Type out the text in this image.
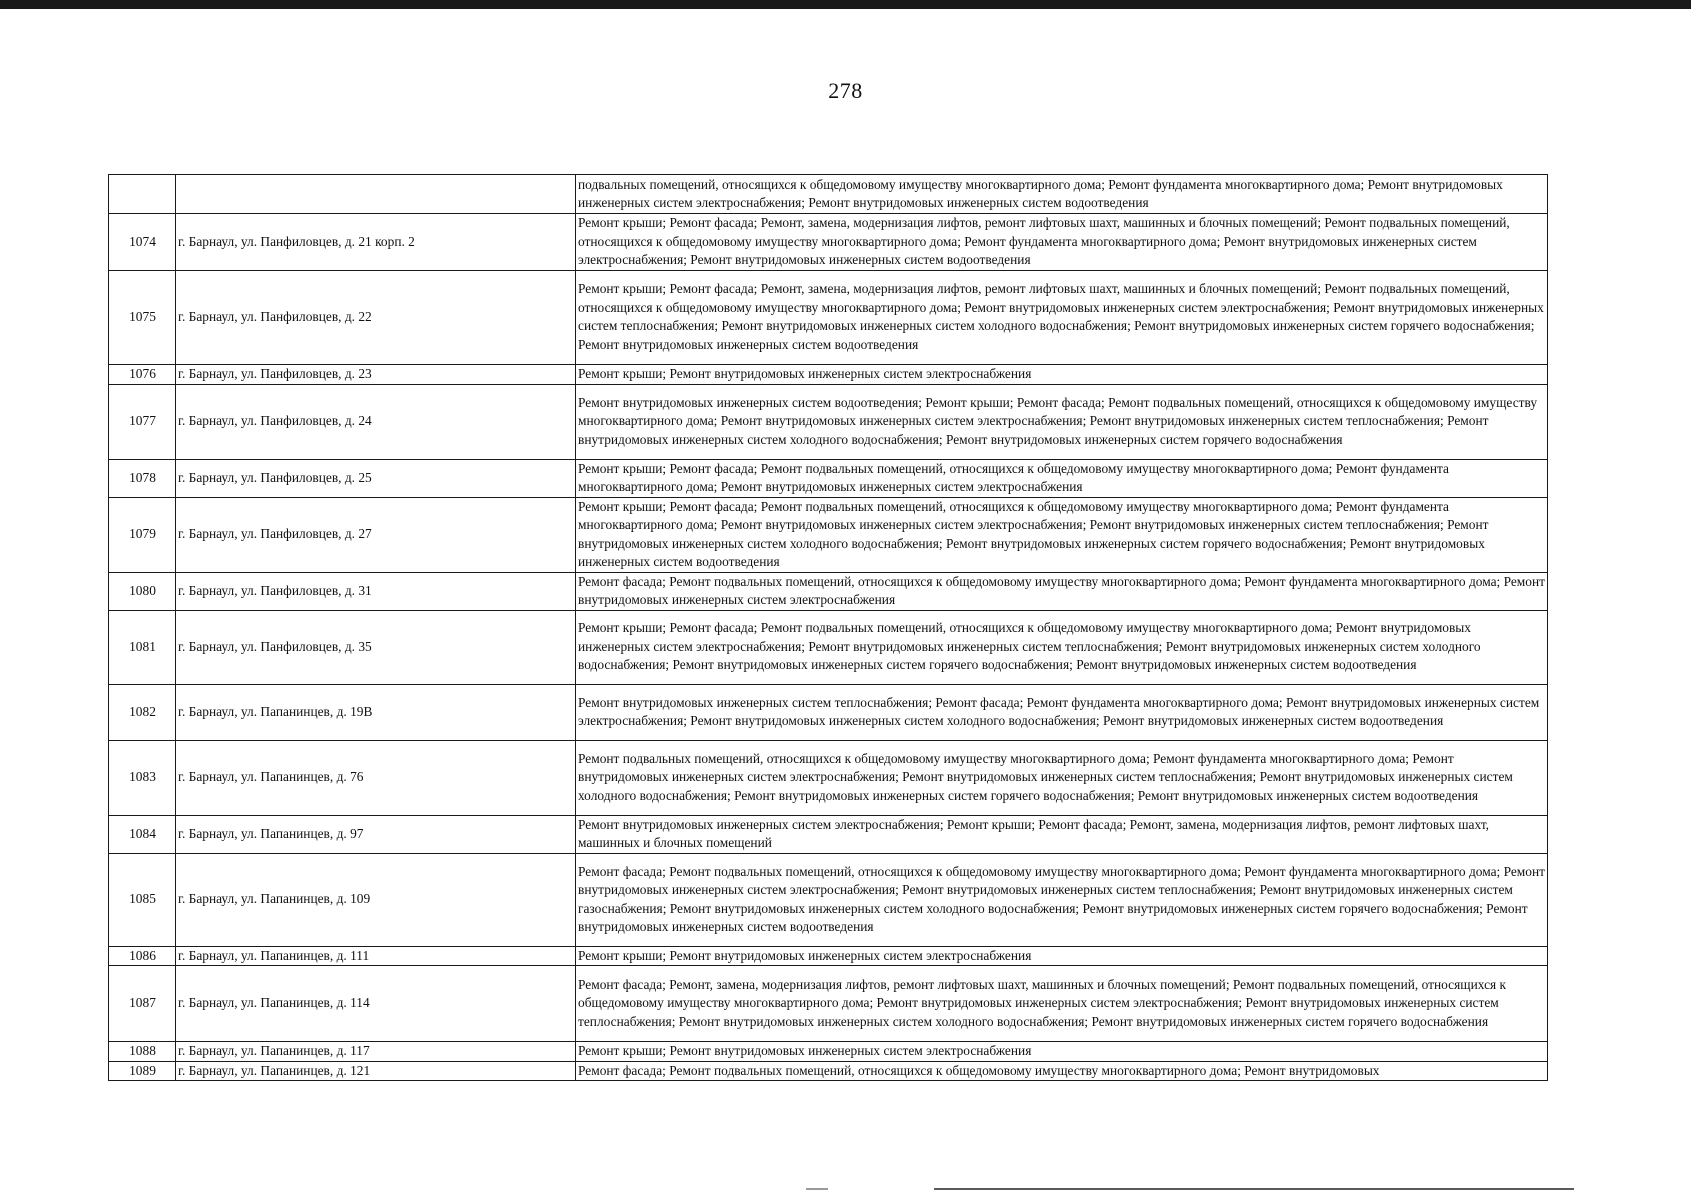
278
		подвальных помещений, относящихся к общедомовому имуществу многоквартирного дома; Ремонт фундамента многоквартирного дома; Ремонт внутридомовых инженерных систем электроснабжения; Ремонт внутридомовых инженерных систем водоотведения
1074	г. Барнаул, ул. Панфиловцев, д. 21 корп. 2	Ремонт крыши; Ремонт фасада; Ремонт, замена, модернизация лифтов, ремонт лифтовых шахт, машинных и блочных помещений; Ремонт подвальных помещений, относящихся к общедомовому имуществу многоквартирного дома; Ремонт фундамента многоквартирного дома; Ремонт внутридомовых инженерных систем электроснабжения; Ремонт внутридомовых инженерных систем водоотведения
1075	г. Барнаул, ул. Панфиловцев, д. 22	Ремонт крыши; Ремонт фасада; Ремонт, замена, модернизация лифтов, ремонт лифтовых шахт, машинных и блочных помещений; Ремонт подвальных помещений, относящихся к общедомовому имуществу многоквартирного дома; Ремонт внутридомовых инженерных систем электроснабжения; Ремонт внутридомовых инженерных систем теплоснабжения; Ремонт внутридомовых инженерных систем холодного водоснабжения; Ремонт внутридомовых инженерных систем горячего водоснабжения; Ремонт внутридомовых инженерных систем водоотведения
1076	г. Барнаул, ул. Панфиловцев, д. 23	Ремонт крыши; Ремонт внутридомовых инженерных систем электроснабжения
1077	г. Барнаул, ул. Панфиловцев, д. 24	Ремонт внутридомовых инженерных систем водоотведения; Ремонт крыши; Ремонт фасада; Ремонт подвальных помещений, относящихся к общедомовому имуществу многоквартирного дома; Ремонт внутридомовых инженерных систем электроснабжения; Ремонт внутридомовых инженерных систем теплоснабжения; Ремонт внутридомовых инженерных систем холодного водоснабжения; Ремонт внутридомовых инженерных систем горячего водоснабжения
1078	г. Барнаул, ул. Панфиловцев, д. 25	Ремонт крыши; Ремонт фасада; Ремонт подвальных помещений, относящихся к общедомовому имуществу многоквартирного дома; Ремонт фундамента многоквартирного дома; Ремонт внутридомовых инженерных систем электроснабжения
1079	г. Барнаул, ул. Панфиловцев, д. 27	Ремонт крыши; Ремонт фасада; Ремонт подвальных помещений, относящихся к общедомовому имуществу многоквартирного дома; Ремонт фундамента многоквартирного дома; Ремонт внутридомовых инженерных систем электроснабжения; Ремонт внутридомовых инженерных систем теплоснабжения; Ремонт внутридомовых инженерных систем холодного водоснабжения; Ремонт внутридомовых инженерных систем горячего водоснабжения; Ремонт внутридомовых инженерных систем водоотведения
1080	г. Барнаул, ул. Панфиловцев, д. 31	Ремонт фасада; Ремонт подвальных помещений, относящихся к общедомовому имуществу многоквартирного дома; Ремонт фундамента многоквартирного дома; Ремонт внутридомовых инженерных систем электроснабжения
1081	г. Барнаул, ул. Панфиловцев, д. 35	Ремонт крыши; Ремонт фасада; Ремонт подвальных помещений, относящихся к общедомовому имуществу многоквартирного дома; Ремонт внутридомовых инженерных систем электроснабжения; Ремонт внутридомовых инженерных систем теплоснабжения; Ремонт внутридомовых инженерных систем холодного водоснабжения; Ремонт внутридомовых инженерных систем горячего водоснабжения; Ремонт внутридомовых инженерных систем водоотведения
1082	г. Барнаул, ул. Папанинцев, д. 19В	Ремонт внутридомовых инженерных систем теплоснабжения; Ремонт фасада; Ремонт фундамента многоквартирного дома; Ремонт внутридомовых инженерных систем электроснабжения; Ремонт внутридомовых инженерных систем холодного водоснабжения; Ремонт внутридомовых инженерных систем водоотведения
1083	г. Барнаул, ул. Папанинцев, д. 76	Ремонт подвальных помещений, относящихся к общедомовому имуществу многоквартирного дома; Ремонт фундамента многоквартирного дома; Ремонт внутридомовых инженерных систем электроснабжения; Ремонт внутридомовых инженерных систем теплоснабжения; Ремонт внутридомовых инженерных систем холодного водоснабжения; Ремонт внутридомовых инженерных систем горячего водоснабжения; Ремонт внутридомовых инженерных систем водоотведения
1084	г. Барнаул, ул. Папанинцев, д. 97	Ремонт внутридомовых инженерных систем электроснабжения; Ремонт крыши; Ремонт фасада; Ремонт, замена, модернизация лифтов, ремонт лифтовых шахт, машинных и блочных помещений
1085	г. Барнаул, ул. Папанинцев, д. 109	Ремонт фасада; Ремонт подвальных помещений, относящихся к общедомовому имуществу многоквартирного дома; Ремонт фундамента многоквартирного дома; Ремонт внутридомовых инженерных систем электроснабжения; Ремонт внутридомовых инженерных систем теплоснабжения; Ремонт внутридомовых инженерных систем газоснабжения; Ремонт внутридомовых инженерных систем холодного водоснабжения; Ремонт внутридомовых инженерных систем горячего водоснабжения; Ремонт внутридомовых инженерных систем водоотведения
1086	г. Барнаул, ул. Папанинцев, д. 111	Ремонт крыши; Ремонт внутридомовых инженерных систем электроснабжения
1087	г. Барнаул, ул. Папанинцев, д. 114	Ремонт фасада; Ремонт, замена, модернизация лифтов, ремонт лифтовых шахт, машинных и блочных помещений; Ремонт подвальных помещений, относящихся к общедомовому имуществу многоквартирного дома; Ремонт внутридомовых инженерных систем электроснабжения; Ремонт внутридомовых инженерных систем теплоснабжения; Ремонт внутридомовых инженерных систем холодного водоснабжения; Ремонт внутридомовых инженерных систем горячего водоснабжения
1088	г. Барнаул, ул. Папанинцев, д. 117	Ремонт крыши; Ремонт внутридомовых инженерных систем электроснабжения
1089	г. Барнаул, ул. Папанинцев, д. 121	Ремонт фасада; Ремонт подвальных помещений, относящихся к общедомовому имуществу многоквартирного дома; Ремонт внутридомовых
